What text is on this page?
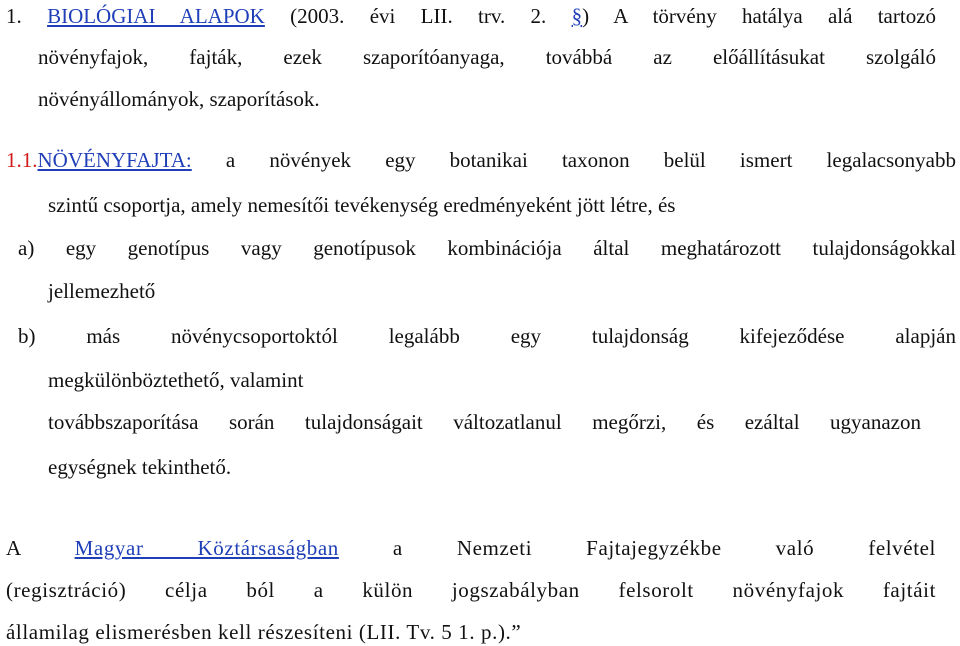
1. BIOLÓGIAI ALAPOK (2003. évi LII. trv. 2. §) A törvény hatálya alá tartozó
növényfajok, fajták, ezek szaporítóanyaga, továbbá az előállításukat szolgáló
növényállományok, szaporítások.
1.1.NÖVÉNYFAJTA: a növények egy botanikai taxonon belül ismert legalacsonyabb
szintű csoportja, amely nemesítői tevékenység eredményeként jött létre, és
a) egy genotípus vagy genotípusok kombinációja által meghatározott tulajdonságokkal
jellemezhető
b) más növénycsoportoktól legalább egy tulajdonság kifejeződése alapján
megkülönböztethető, valamint
továbbszaporítása során tulajdonságait változatlanul megőrzi, és ezáltal ugyanazon
egységnek tekinthető.
A	Magyar Köztársaságban	a Nemzeti Fajtajegyzékbe való felvétel
(regisztráció) célja ból a külön jogszabályban felsorolt növényfajok fajtáit
államilag elismerésben kell részesíteni (LII. Tv. 5 1. p.).”
